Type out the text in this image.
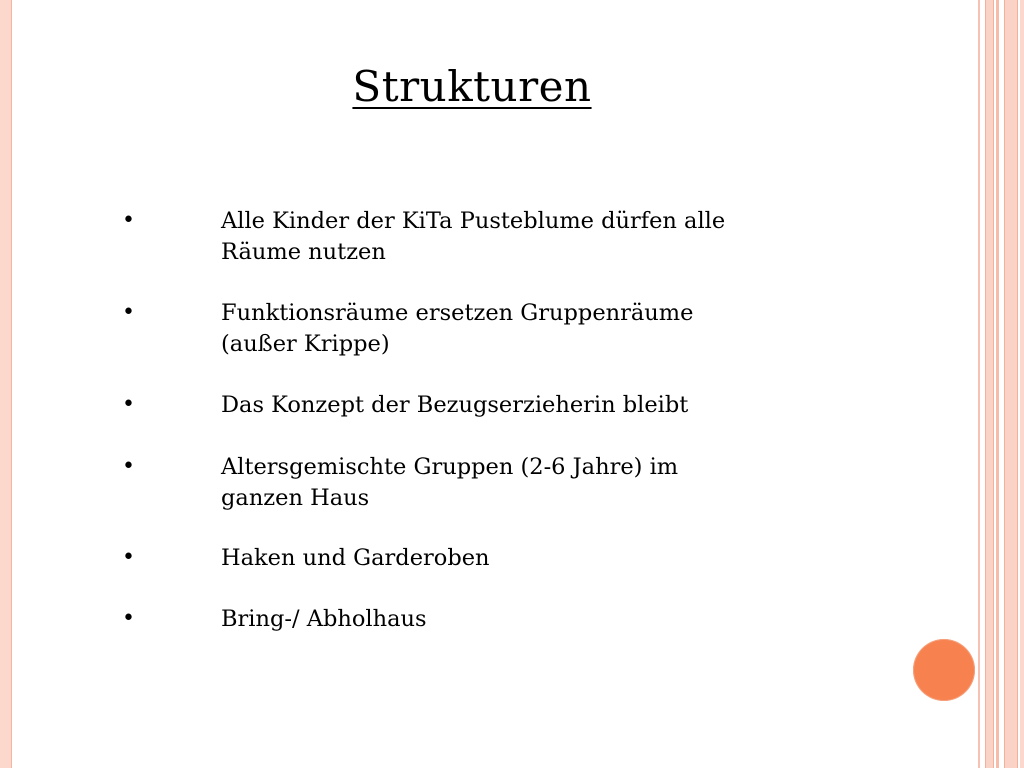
Strukturen
•	Alle Kinder der KiTa Pusteblume dürfen alle
Räume nutzen
•	Funktionsräume ersetzen Gruppenräume
(außer Krippe)
•	Das Konzept der Bezugserzieherin bleibt
•	Altersgemischte Gruppen (2-6 Jahre) im
ganzen Haus
•	Haken und Garderoben
•	Bring-/ Abholhaus
